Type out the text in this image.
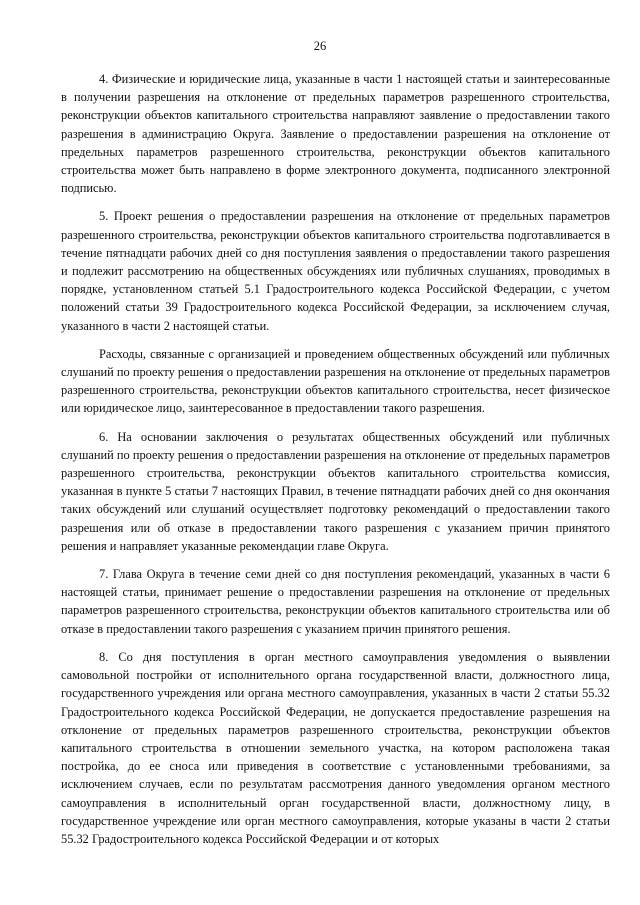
26

4. Физические и юридические лица, указанные в части 1 настоящей статьи и заинтересованные в получении разрешения на отклонение от предельных параметров разрешенного строительства, реконструкции объектов капитального строительства направляют заявление о предоставлении такого разрешения в администрацию Округа. Заявление о предоставлении разрешения на отклонение от предельных параметров разрешенного строительства, реконструкции объектов капитального строительства может быть направлено в форме электронного документа, подписанного электронной подписью.

5. Проект решения о предоставлении разрешения на отклонение от предельных параметров разрешенного строительства, реконструкции объектов капитального строительства подготавливается в течение пятнадцати рабочих дней со дня поступления заявления о предоставлении такого разрешения и подлежит рассмотрению на общественных обсуждениях или публичных слушаниях, проводимых в порядке, установленном статьей 5.1 Градостроительного кодекса Российской Федерации, с учетом положений статьи 39 Градостроительного кодекса Российской Федерации, за исключением случая, указанного в части 2 настоящей статьи.

Расходы, связанные с организацией и проведением общественных обсуждений или публичных слушаний по проекту решения о предоставлении разрешения на отклонение от предельных параметров разрешенного строительства, реконструкции объектов капитального строительства, несет физическое или юридическое лицо, заинтересованное в предоставлении такого разрешения.

6. На основании заключения о результатах общественных обсуждений или публичных слушаний по проекту решения о предоставлении разрешения на отклонение от предельных параметров разрешенного строительства, реконструкции объектов капитального строительства комиссия, указанная в пункте 5 статьи 7 настоящих Правил, в течение пятнадцати рабочих дней со дня окончания таких обсуждений или слушаний осуществляет подготовку рекомендаций о предоставлении такого разрешения или об отказе в предоставлении такого разрешения с указанием причин принятого решения и направляет указанные рекомендации главе Округа.

7. Глава Округа в течение семи дней со дня поступления рекомендаций, указанных в части 6 настоящей статьи, принимает решение о предоставлении разрешения на отклонение от предельных параметров разрешенного строительства, реконструкции объектов капитального строительства или об отказе в предоставлении такого разрешения с указанием причин принятого решения.

8. Со дня поступления в орган местного самоуправления уведомления о выявлении самовольной постройки от исполнительного органа государственной власти, должностного лица, государственного учреждения или органа местного самоуправления, указанных в части 2 статьи 55.32 Градостроительного кодекса Российской Федерации, не допускается предоставление разрешения на отклонение от предельных параметров разрешенного строительства, реконструкции объектов капитального строительства в отношении земельного участка, на котором расположена такая постройка, до ее сноса или приведения в соответствие с установленными требованиями, за исключением случаев, если по результатам рассмотрения данного уведомления органом местного самоуправления в исполнительный орган государственной власти, должностному лицу, в государственное учреждение или орган местного самоуправления, которые указаны в части 2 статьи 55.32 Градостроительного кодекса Российской Федерации и от которых
